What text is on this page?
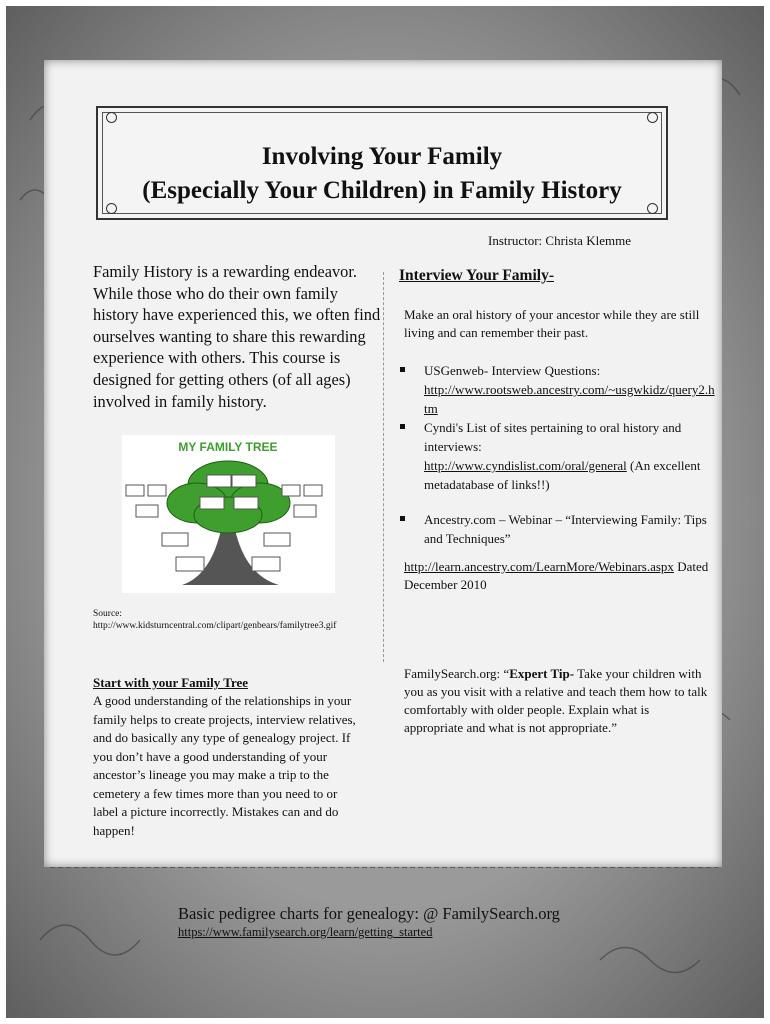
Involving Your Family
(Especially Your Children) in Family History
Instructor: Christa Klemme
Family History is a rewarding endeavor. While those who do their own family history have experienced this, we often find ourselves wanting to share this rewarding experience with others. This course is designed for getting others (of all ages) involved in family history.
MY FAMILY TREE
Source:
http://www.kidsturncentral.com/clipart/genbears/familytree3.gif
Interview Your Family-
Make an oral history of your ancestor while they are still living and can remember their past.
USGenweb- Interview Questions:
http://www.rootsweb.ancestry.com/~usgwkidz/query2.htm
Cyndi's List of sites pertaining to oral history and interviews:
http://www.cyndislist.com/oral/general (An excellent metadatabase of links!!)
Ancestry.com – Webinar – “Interviewing Family: Tips and Techniques”
http://learn.ancestry.com/LearnMore/Webinars.aspx Dated December 2010
Start with your Family Tree
A good understanding of the relationships in your family helps to create projects, interview relatives, and do basically any type of genealogy project. If you don’t have a good understanding of your ancestor’s lineage you may make a trip to the cemetery a few times more than you need to or label a picture incorrectly. Mistakes can and do happen!
FamilySearch.org: “Expert Tip- Take your children with you as you visit with a relative and teach them how to talk comfortably with older people. Explain what is appropriate and what is not appropriate.”
Basic pedigree charts for genealogy: @ FamilySearch.org
https://www.familysearch.org/learn/getting_started
